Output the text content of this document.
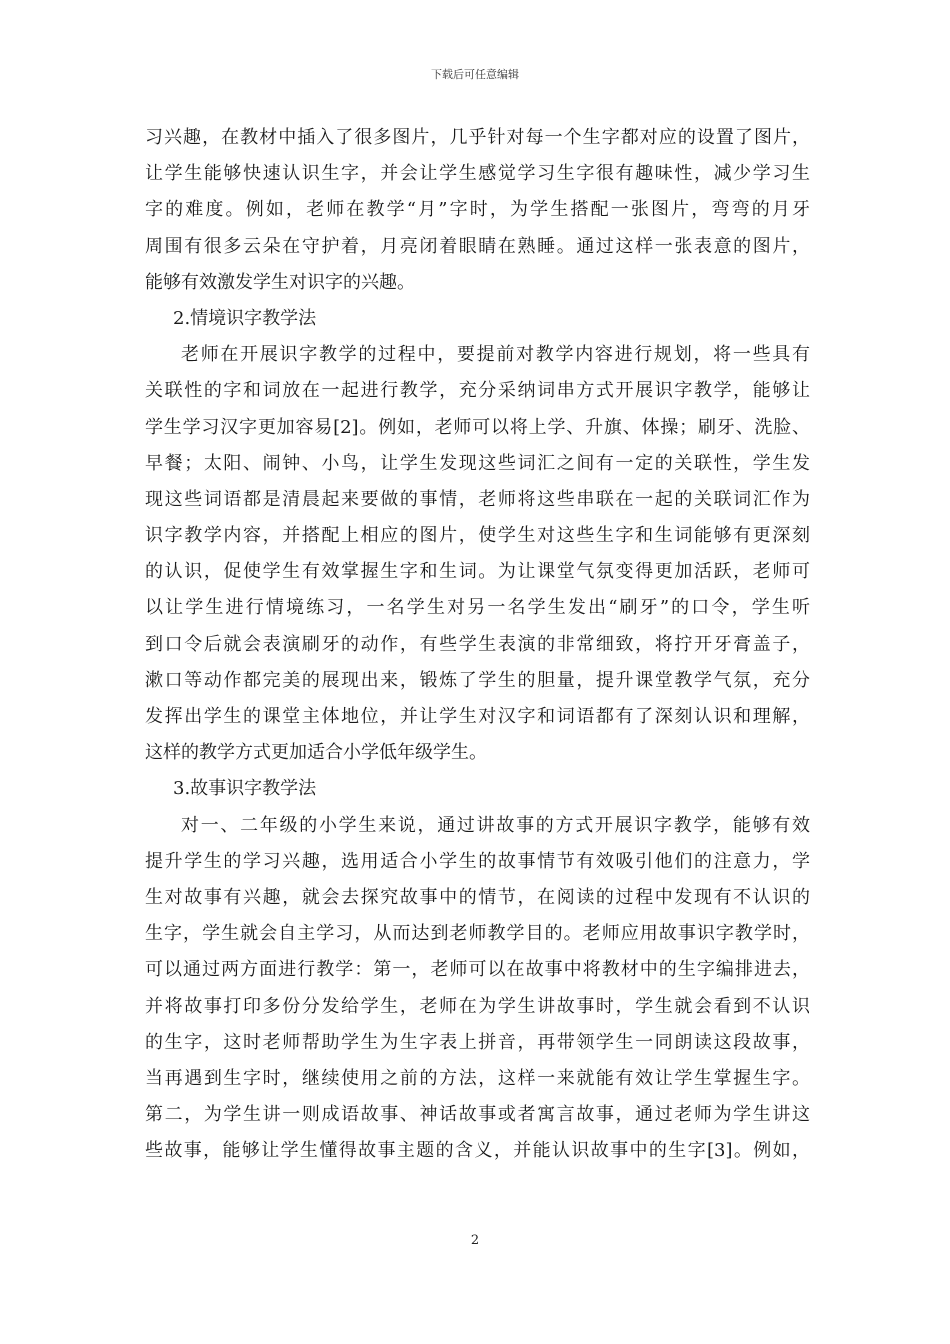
下载后可任意编辑
习兴趣，在教材中插入了很多图片，几乎针对每一个生字都对应的设置了图片，
让学生能够快速认识生字，并会让学生感觉学习生字很有趣味性，减少学习生
字的难度。例如，老师在教学“月”字时，为学生搭配一张图片，弯弯的月牙
周围有很多云朵在守护着，月亮闭着眼睛在熟睡。通过这样一张表意的图片，
能够有效激发学生对识字的兴趣。
2.情境识字教学法
老师在开展识字教学的过程中，要提前对教学内容进行规划，将一些具有
关联性的字和词放在一起进行教学，充分采纳词串方式开展识字教学，能够让
学生学习汉字更加容易[2]。例如，老师可以将上学、升旗、体操；刷牙、洗脸、
早餐；太阳、闹钟、小鸟，让学生发现这些词汇之间有一定的关联性，学生发
现这些词语都是清晨起来要做的事情，老师将这些串联在一起的关联词汇作为
识字教学内容，并搭配上相应的图片，使学生对这些生字和生词能够有更深刻
的认识，促使学生有效掌握生字和生词。为让课堂气氛变得更加活跃，老师可
以让学生进行情境练习，一名学生对另一名学生发出“刷牙”的口令，学生听
到口令后就会表演刷牙的动作，有些学生表演的非常细致，将拧开牙膏盖子，
漱口等动作都完美的展现出来，锻炼了学生的胆量，提升课堂教学气氛，充分
发挥出学生的课堂主体地位，并让学生对汉字和词语都有了深刻认识和理解，
这样的教学方式更加适合小学低年级学生。
3.故事识字教学法
对一、二年级的小学生来说，通过讲故事的方式开展识字教学，能够有效
提升学生的学习兴趣，选用适合小学生的故事情节有效吸引他们的注意力，学
生对故事有兴趣，就会去探究故事中的情节，在阅读的过程中发现有不认识的
生字，学生就会自主学习，从而达到老师教学目的。老师应用故事识字教学时，
可以通过两方面进行教学：第一，老师可以在故事中将教材中的生字编排进去，
并将故事打印多份分发给学生，老师在为学生讲故事时，学生就会看到不认识
的生字，这时老师帮助学生为生字表上拼音，再带领学生一同朗读这段故事，
当再遇到生字时，继续使用之前的方法，这样一来就能有效让学生掌握生字。
第二，为学生讲一则成语故事、神话故事或者寓言故事，通过老师为学生讲这
些故事，能够让学生懂得故事主题的含义，并能认识故事中的生字[3]。例如，
2
